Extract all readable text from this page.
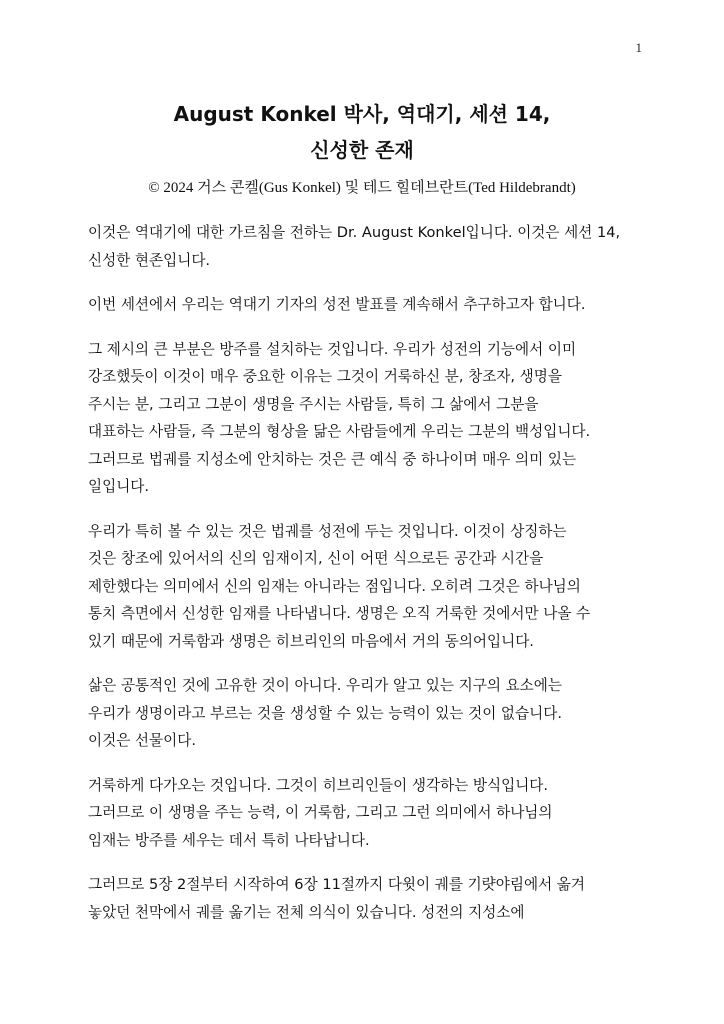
1
August Konkel 박사, 역대기, 세션 14,
신성한 존재
© 2024 거스 콘켈(Gus Konkel) 및 테드 힐데브란트(Ted Hildebrandt)

이것은 역대기에 대한 가르침을 전하는 Dr. August Konkel입니다. 이것은 세션 14,
신성한 현존입니다.

이번 세션에서 우리는 역대기 기자의 성전 발표를 계속해서 추구하고자 합니다.

그 제시의 큰 부분은 방주를 설치하는 것입니다. 우리가 성전의 기능에서 이미
강조했듯이 이것이 매우 중요한 이유는 그것이 거룩하신 분, 창조자, 생명을
주시는 분, 그리고 그분이 생명을 주시는 사람들, 특히 그 삶에서 그분을
대표하는 사람들, 즉 그분의 형상을 닮은 사람들에게 우리는 그분의 백성입니다.
그러므로 법궤를 지성소에 안치하는 것은 큰 예식 중 하나이며 매우 의미 있는
일입니다.

우리가 특히 볼 수 있는 것은 법궤를 성전에 두는 것입니다. 이것이 상징하는
것은 창조에 있어서의 신의 임재이지, 신이 어떤 식으로든 공간과 시간을
제한했다는 의미에서 신의 임재는 아니라는 점입니다. 오히려 그것은 하나님의
통치 측면에서 신성한 임재를 나타냅니다. 생명은 오직 거룩한 것에서만 나올 수
있기 때문에 거룩함과 생명은 히브리인의 마음에서 거의 동의어입니다.

삶은 공통적인 것에 고유한 것이 아니다. 우리가 알고 있는 지구의 요소에는
우리가 생명이라고 부르는 것을 생성할 수 있는 능력이 있는 것이 없습니다.
이것은 선물이다.

거룩하게 다가오는 것입니다. 그것이 히브리인들이 생각하는 방식입니다.
그러므로 이 생명을 주는 능력, 이 거룩함, 그리고 그런 의미에서 하나님의
임재는 방주를 세우는 데서 특히 나타납니다.

그러므로 5장 2절부터 시작하여 6장 11절까지 다윗이 궤를 기럇야림에서 옮겨
놓았던 천막에서 궤를 옮기는 전체 의식이 있습니다. 성전의 지성소에
